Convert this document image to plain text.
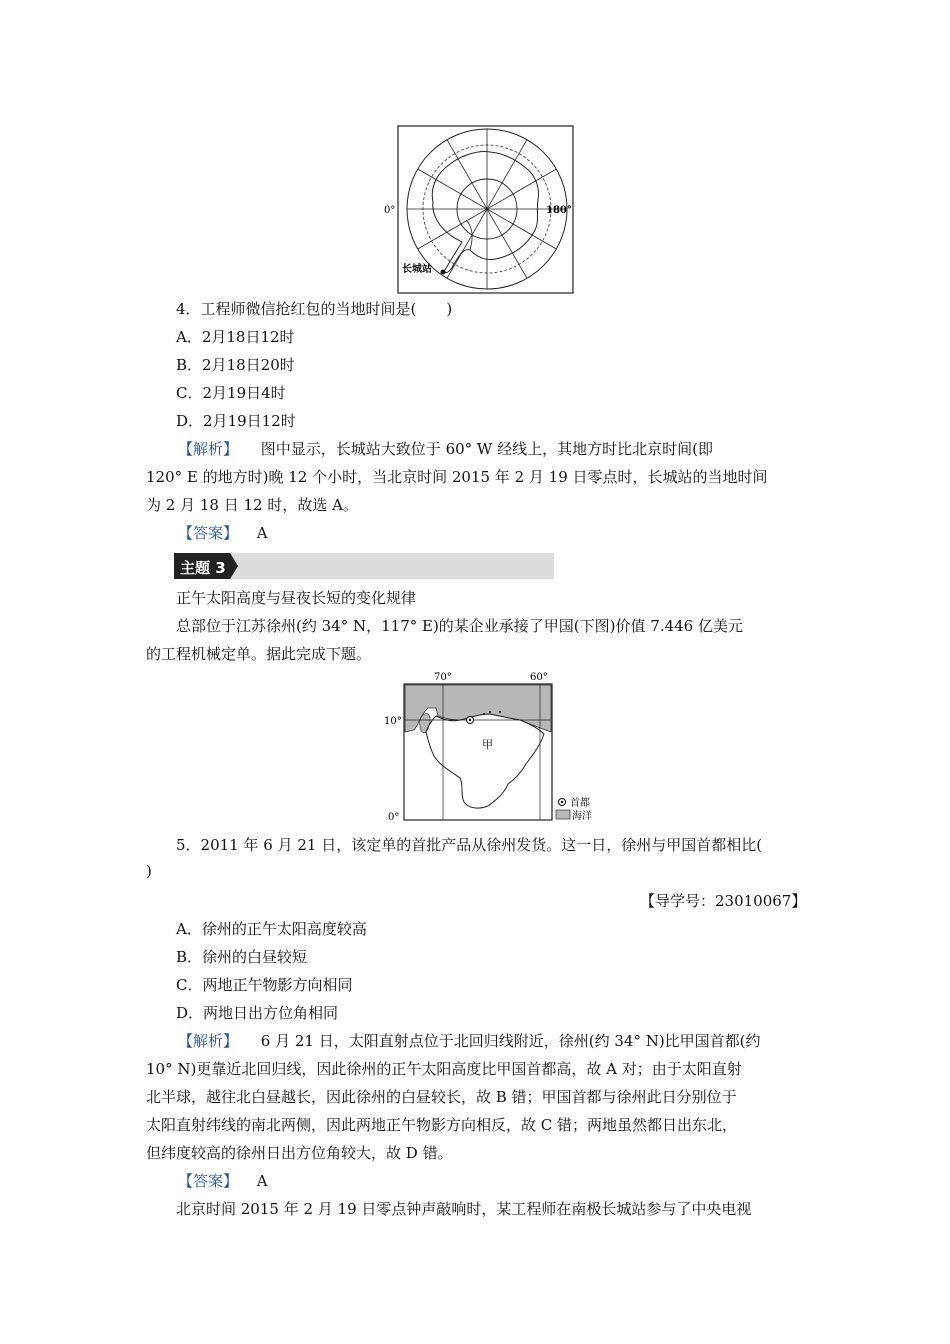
0°	180°
长城站
4．工程师微信抢红包的当地时间是(　　)
A．2月18日12时
B．2月18日20时
C．2月19日4时
D．2月19日12时
【解析】 图中显示，长城站大致位于 60° W 经线上，其地方时比北京时间(即
120° E 的地方时)晚 12 个小时，当北京时间 2015 年 2 月 19 日零点时，长城站的当地时间
为 2 月 18 日 12 时，故选 A。
【答案】 A
主题 3
正午太阳高度与昼夜长短的变化规律
总部位于江苏徐州(约 34° N，117° E)的某企业承接了甲国(下图)价值 7.446 亿美元
的工程机械定单。据此完成下题。
70°	60°
10°
0°
甲
首都
海洋
5．2011 年 6 月 21 日，该定单的首批产品从徐州发货。这一日，徐州与甲国首都相比(
)
【导学号：23010067】
A．徐州的正午太阳高度较高
B．徐州的白昼较短
C．两地正午物影方向相同
D．两地日出方位角相同
【解析】 6 月 21 日，太阳直射点位于北回归线附近，徐州(约 34° N)比甲国首都(约
10° N)更靠近北回归线，因此徐州的正午太阳高度比甲国首都高，故 A 对；由于太阳直射
北半球，越往北白昼越长，因此徐州的白昼较长，故 B 错；甲国首都与徐州此日分别位于
太阳直射纬线的南北两侧，因此两地正午物影方向相反，故 C 错；两地虽然都日出东北，
但纬度较高的徐州日出方位角较大，故 D 错。
【答案】 A
北京时间 2015 年 2 月 19 日零点钟声敲响时，某工程师在南极长城站参与了中央电视
